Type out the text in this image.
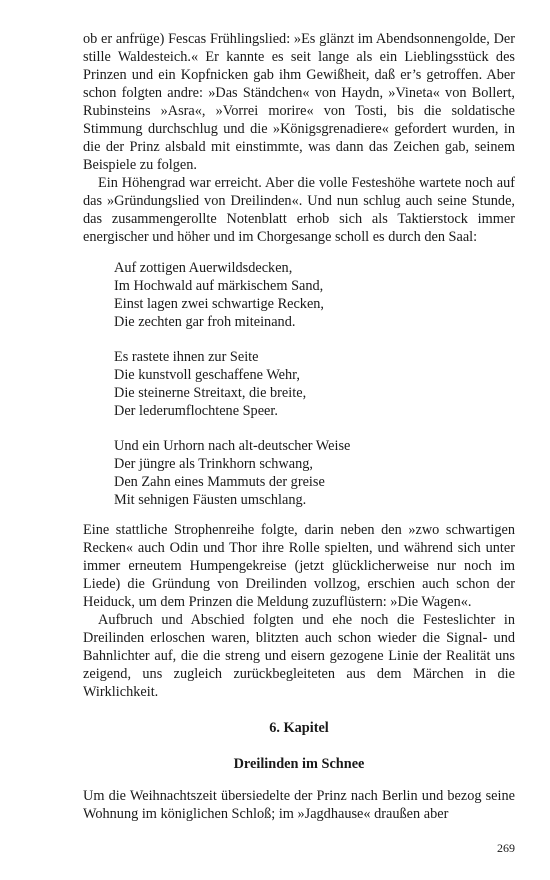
ob er anfrüge) Fescas Frühlingslied: »Es glänzt im Abendsonnengolde, Der stille Waldesteich.« Er kannte es seit lange als ein Lieblingsstück des Prinzen und ein Kopfnicken gab ihm Gewißheit, daß er’s getroffen. Aber schon folgten andre: »Das Ständchen« von Haydn, »Vineta« von Bollert, Rubinsteins »Asra«, »Vorrei morire« von Tosti, bis die soldatische Stimmung durchschlug und die »Königsgrenadiere« gefordert wurden, in die der Prinz alsbald mit einstimmte, was dann das Zeichen gab, seinem Beispiele zu folgen.

Ein Höhengrad war erreicht. Aber die volle Festeshöhe wartete noch auf das »Gründungslied von Dreilinden«. Und nun schlug auch seine Stunde, das zusammengerollte Notenblatt erhob sich als Taktierstock immer energischer und höher und im Chorgesange scholl es durch den Saal:

Auf zottigen Auerwildsdecken,
Im Hochwald auf märkischem Sand,
Einst lagen zwei schwartige Recken,
Die zechten gar froh miteinand.
Es rastete ihnen zur Seite
Die kunstvoll geschaffene Wehr,
Die steinerne Streitaxt, die breite,
Der lederumflochtene Speer.
Und ein Urhorn nach alt-deutscher Weise
Der jüngre als Trinkhorn schwang,
Den Zahn eines Mammuts der greise
Mit sehnigen Fäusten umschlang.

Eine stattliche Strophenreihe folgte, darin neben den »zwo schwartigen Recken« auch Odin und Thor ihre Rolle spielten, und während sich unter immer erneutem Humpengekreise (jetzt glücklicherweise nur noch im Liede) die Gründung von Dreilinden vollzog, erschien auch schon der Heiduck, um dem Prinzen die Meldung zuzuflüstern: »Die Wagen«.

Aufbruch und Abschied folgten und ehe noch die Festeslichter in Dreilinden erloschen waren, blitzten auch schon wieder die Signal- und Bahnlichter auf, die die streng und eisern gezogene Linie der Realität uns zeigend, uns zugleich zurückbegleiteten aus dem Märchen in die Wirklichkeit.

6. Kapitel
Dreilinden im Schnee

Um die Weihnachtszeit übersiedelte der Prinz nach Berlin und bezog seine Wohnung im königlichen Schloß; im »Jagdhause« draußen aber

269
